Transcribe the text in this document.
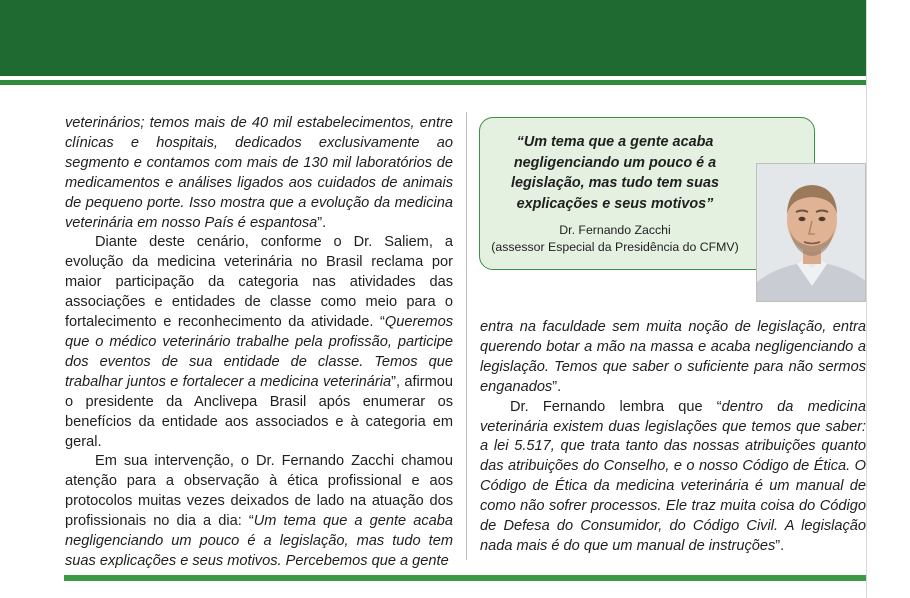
veterinários; temos mais de 40 mil estabelecimentos, entre clínicas e hospitais, dedicados exclusivamente ao segmento e contamos com mais de 130 mil laboratórios de medicamentos e análises ligados aos cuidados de animais de pequeno porte. Isso mostra que a evolução da medicina veterinária em nosso País é espantosa”.

Diante deste cenário, conforme o Dr. Saliem, a evolução da medicina veterinária no Brasil reclama por maior participação da categoria nas atividades das associações e entidades de classe como meio para o fortalecimento e reconhecimento da atividade. “Queremos que o médico veterinário trabalhe pela profissão, participe dos eventos de sua entidade de classe. Temos que trabalhar juntos e fortalecer a medicina veterinária”, afirmou o presidente da Anclivepa Brasil após enumerar os benefícios da entidade aos associados e à categoria em geral.

Em sua intervenção, o Dr. Fernando Zacchi chamou atenção para a observação à ética profissional e aos protocolos muitas vezes deixados de lado na atuação dos profissionais no dia a dia: “Um tema que a gente acaba negligenciando um pouco é a legislação, mas tudo tem suas explicações e seus motivos. Percebemos que a gente

“Um tema que a gente acaba
negligenciando um pouco é a
legislação, mas tudo tem suas
explicações e seus motivos”
Dr. Fernando Zacchi
(assessor Especial da Presidência do CFMV)

entra na faculdade sem muita noção de legislação, entra querendo botar a mão na massa e acaba negligenciando a legislação. Temos que saber o suficiente para não sermos enganados”.

Dr. Fernando lembra que “dentro da medicina veterinária existem duas legislações que temos que saber: a lei 5.517, que trata tanto das nossas atribuições quanto das atribuições do Conselho, e o nosso Código de Ética. O Código de Ética da medicina veterinária é um manual de como não sofrer processos. Ele traz muita coisa do Código de Defesa do Consumidor, do Código Civil. A legislação nada mais é do que um manual de instruções”.
